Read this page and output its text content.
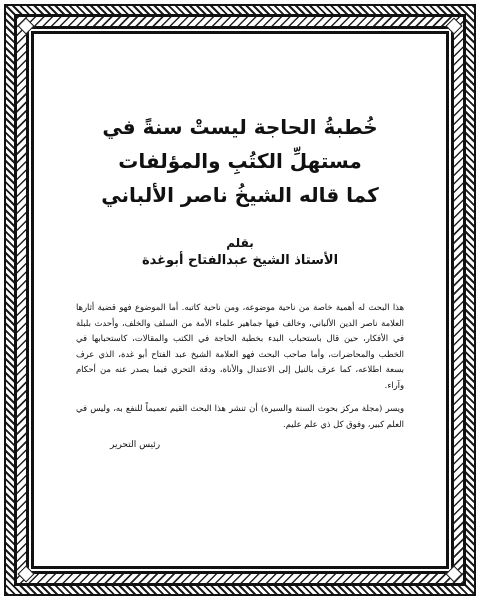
خُطبةُ الحاجة ليستْ سنةً في
مستهلِّ الكتُبِ والمؤلفات
كما قاله الشيخُ ناصر الألباني
بقلم
الأستاذ الشيخ عبدالفتاح أبوغدة

هذا البحث له أهمية خاصة من ناحية موضوعه، ومن ناحية كاتبه. أما الموضوع فهو قضية أثارها العلامة ناصر الدين الألباني، وخالف فيها جماهير علماء الأمة من السلف والخلف، وأحدث بلبلة في الأفكار، حين قال باستحباب البدء بخطبة الحاجة في الكتب والمقالات، كاستحبابها في الخطب والمحاضرات، وأما صاحب البحث فهو العلامة الشيخ عبد الفتاح أبو غدة، الذي عرف بسعة اطلاعه، كما عرف بالنيل إلى الاعتدال والأناة، ودقة التحري فيما يصدر عنه من أحكام وآراء.

ويسر (مجلة مركز بحوث السنة والسيرة) أن تنشر هذا البحث القيم تعميماً للنفع به، وليس في العلم كبير، وفوق كل ذي علم عليم.

رئيس التحرير
